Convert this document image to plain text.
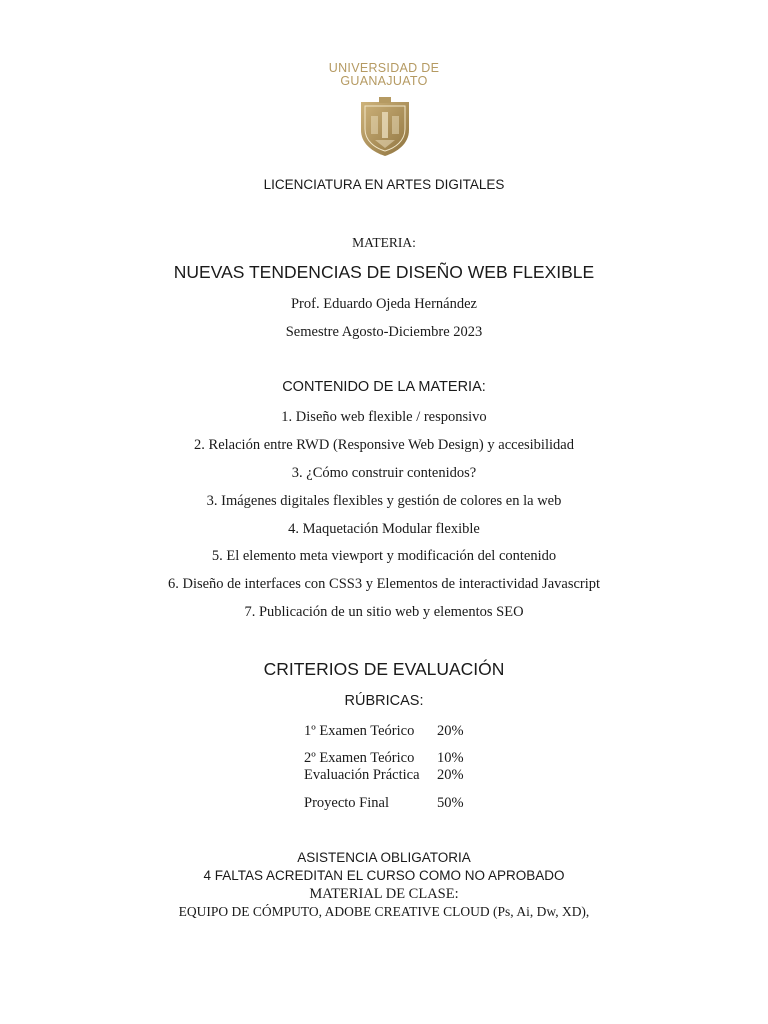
UNIVERSIDAD DE
GUANAJUATO
LICENCIATURA EN ARTES DIGITALES
MATERIA:
NUEVAS TENDENCIAS DE DISEÑO WEB FLEXIBLE
Prof. Eduardo Ojeda Hernández
Semestre Agosto-Diciembre 2023
CONTENIDO DE LA MATERIA:
1. Diseño web flexible / responsivo
2. Relación entre RWD (Responsive Web Design) y accesibilidad
3. ¿Cómo construir contenidos?
3. Imágenes digitales flexibles y gestión de colores en la web
4. Maquetación Modular flexible
5. El elemento meta viewport y modificación del contenido
6. Diseño de interfaces con CSS3 y Elementos de interactividad Javascript
7. Publicación de un sitio web y elementos SEO
CRITERIOS DE EVALUACIÓN
RÚBRICAS:
1º Examen Teórico 20%
2º Examen Teórico 10%
Evaluación Práctica 20%
Proyecto Final	50%
ASISTENCIA OBLIGATORIA
4 FALTAS ACREDITAN EL CURSO COMO NO APROBADO
MATERIAL DE CLASE:
EQUIPO DE CÓMPUTO, ADOBE CREATIVE CLOUD (Ps, Ai, Dw, XD),
